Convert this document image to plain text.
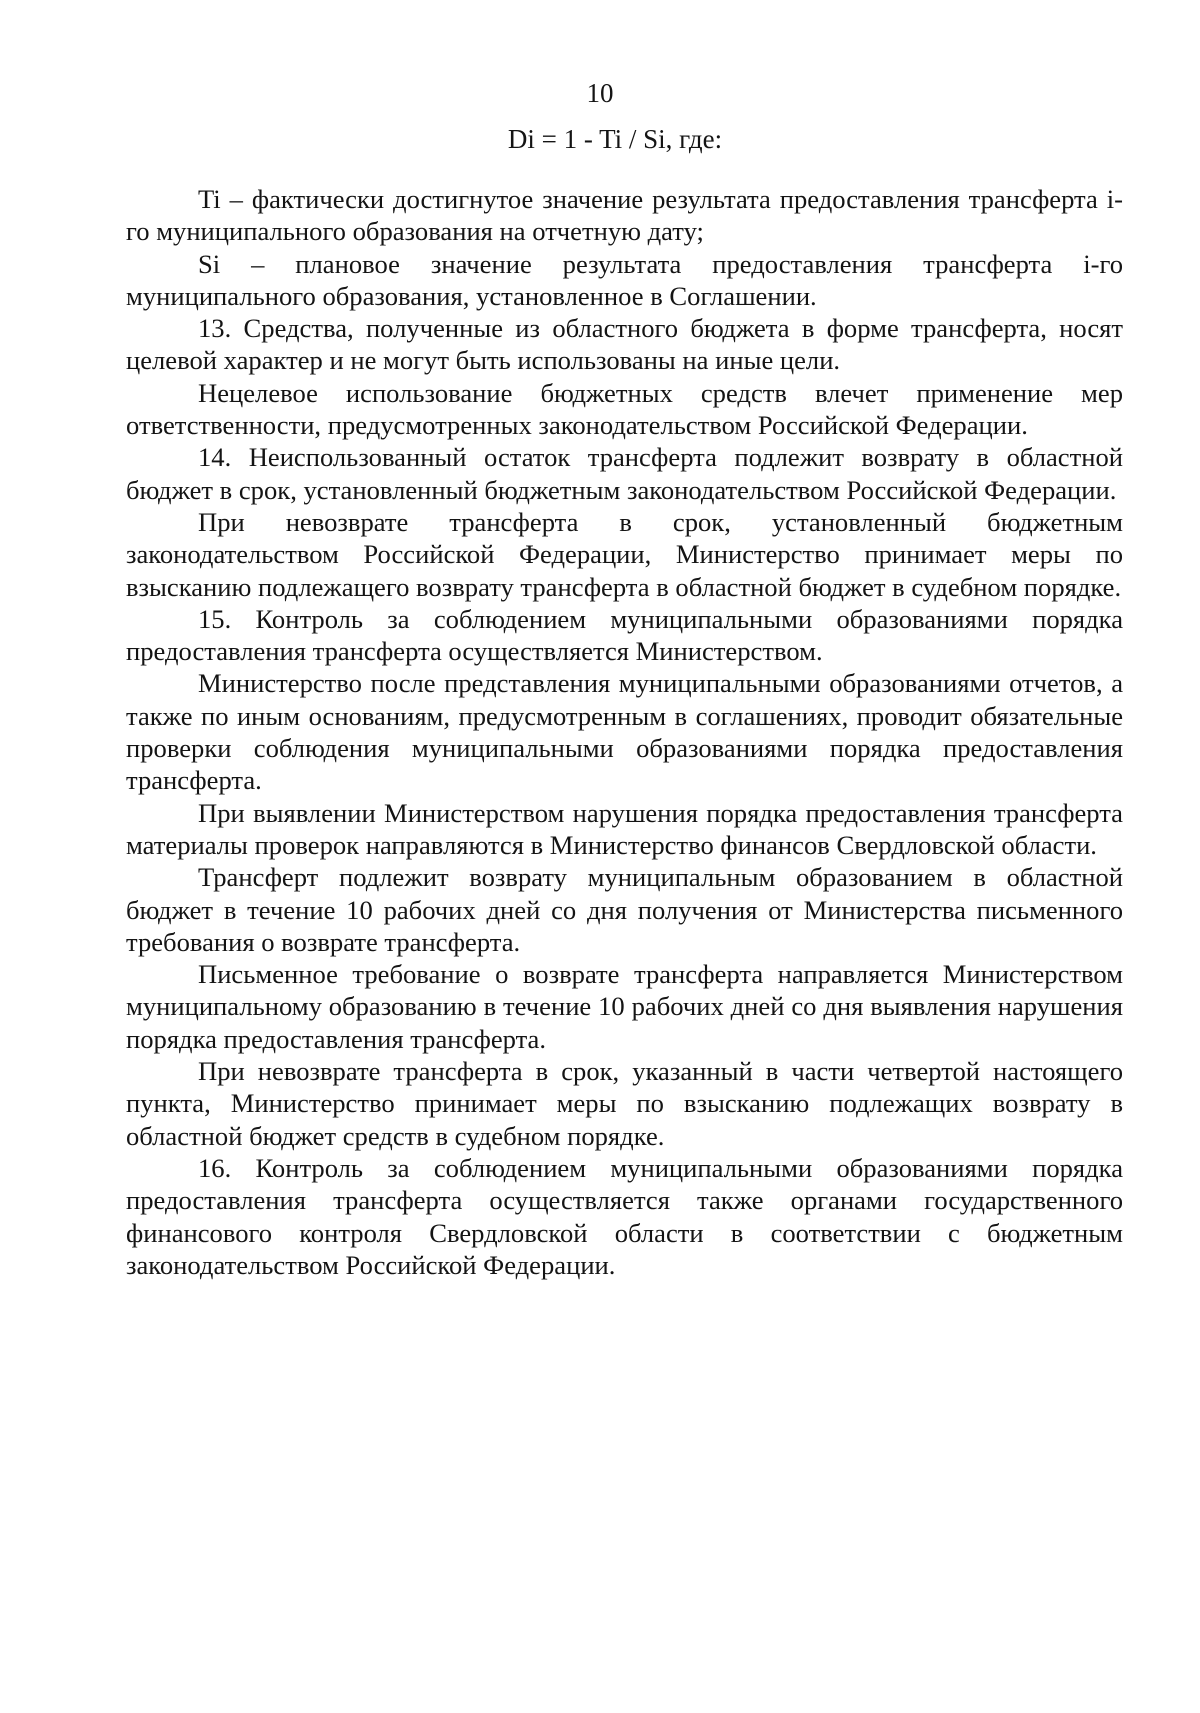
10
Di = 1 - Ti / Si, где:

Ti – фактически достигнутое значение результата предоставления трансферта i-го муниципального образования на отчетную дату;

Si – плановое значение результата предоставления трансферта i-го муниципального образования, установленное в Соглашении.

13. Средства, полученные из областного бюджета в форме трансферта, носят целевой характер и не могут быть использованы на иные цели.

Нецелевое использование бюджетных средств влечет применение мер ответственности, предусмотренных законодательством Российской Федерации.

14. Неиспользованный остаток трансферта подлежит возврату в областной бюджет в срок, установленный бюджетным законодательством Российской Федерации.

При невозврате трансферта в срок, установленный бюджетным законодательством Российской Федерации, Министерство принимает меры по взысканию подлежащего возврату трансферта в областной бюджет в судебном порядке.

15. Контроль за соблюдением муниципальными образованиями порядка предоставления трансферта осуществляется Министерством.

Министерство после представления муниципальными образованиями отчетов, а также по иным основаниям, предусмотренным в соглашениях, проводит обязательные проверки соблюдения муниципальными образованиями порядка предоставления трансферта.

При выявлении Министерством нарушения порядка предоставления трансферта материалы проверок направляются в Министерство финансов Свердловской области.

Трансферт подлежит возврату муниципальным образованием в областной бюджет в течение 10 рабочих дней со дня получения от Министерства письменного требования о возврате трансферта.

Письменное требование о возврате трансферта направляется Министерством муниципальному образованию в течение 10 рабочих дней со дня выявления нарушения порядка предоставления трансферта.

При невозврате трансферта в срок, указанный в части четвертой настоящего пункта, Министерство принимает меры по взысканию подлежащих возврату в областной бюджет средств в судебном порядке.

16. Контроль за соблюдением муниципальными образованиями порядка предоставления трансферта осуществляется также органами государственного финансового контроля Свердловской области в соответствии с бюджетным законодательством Российской Федерации.
